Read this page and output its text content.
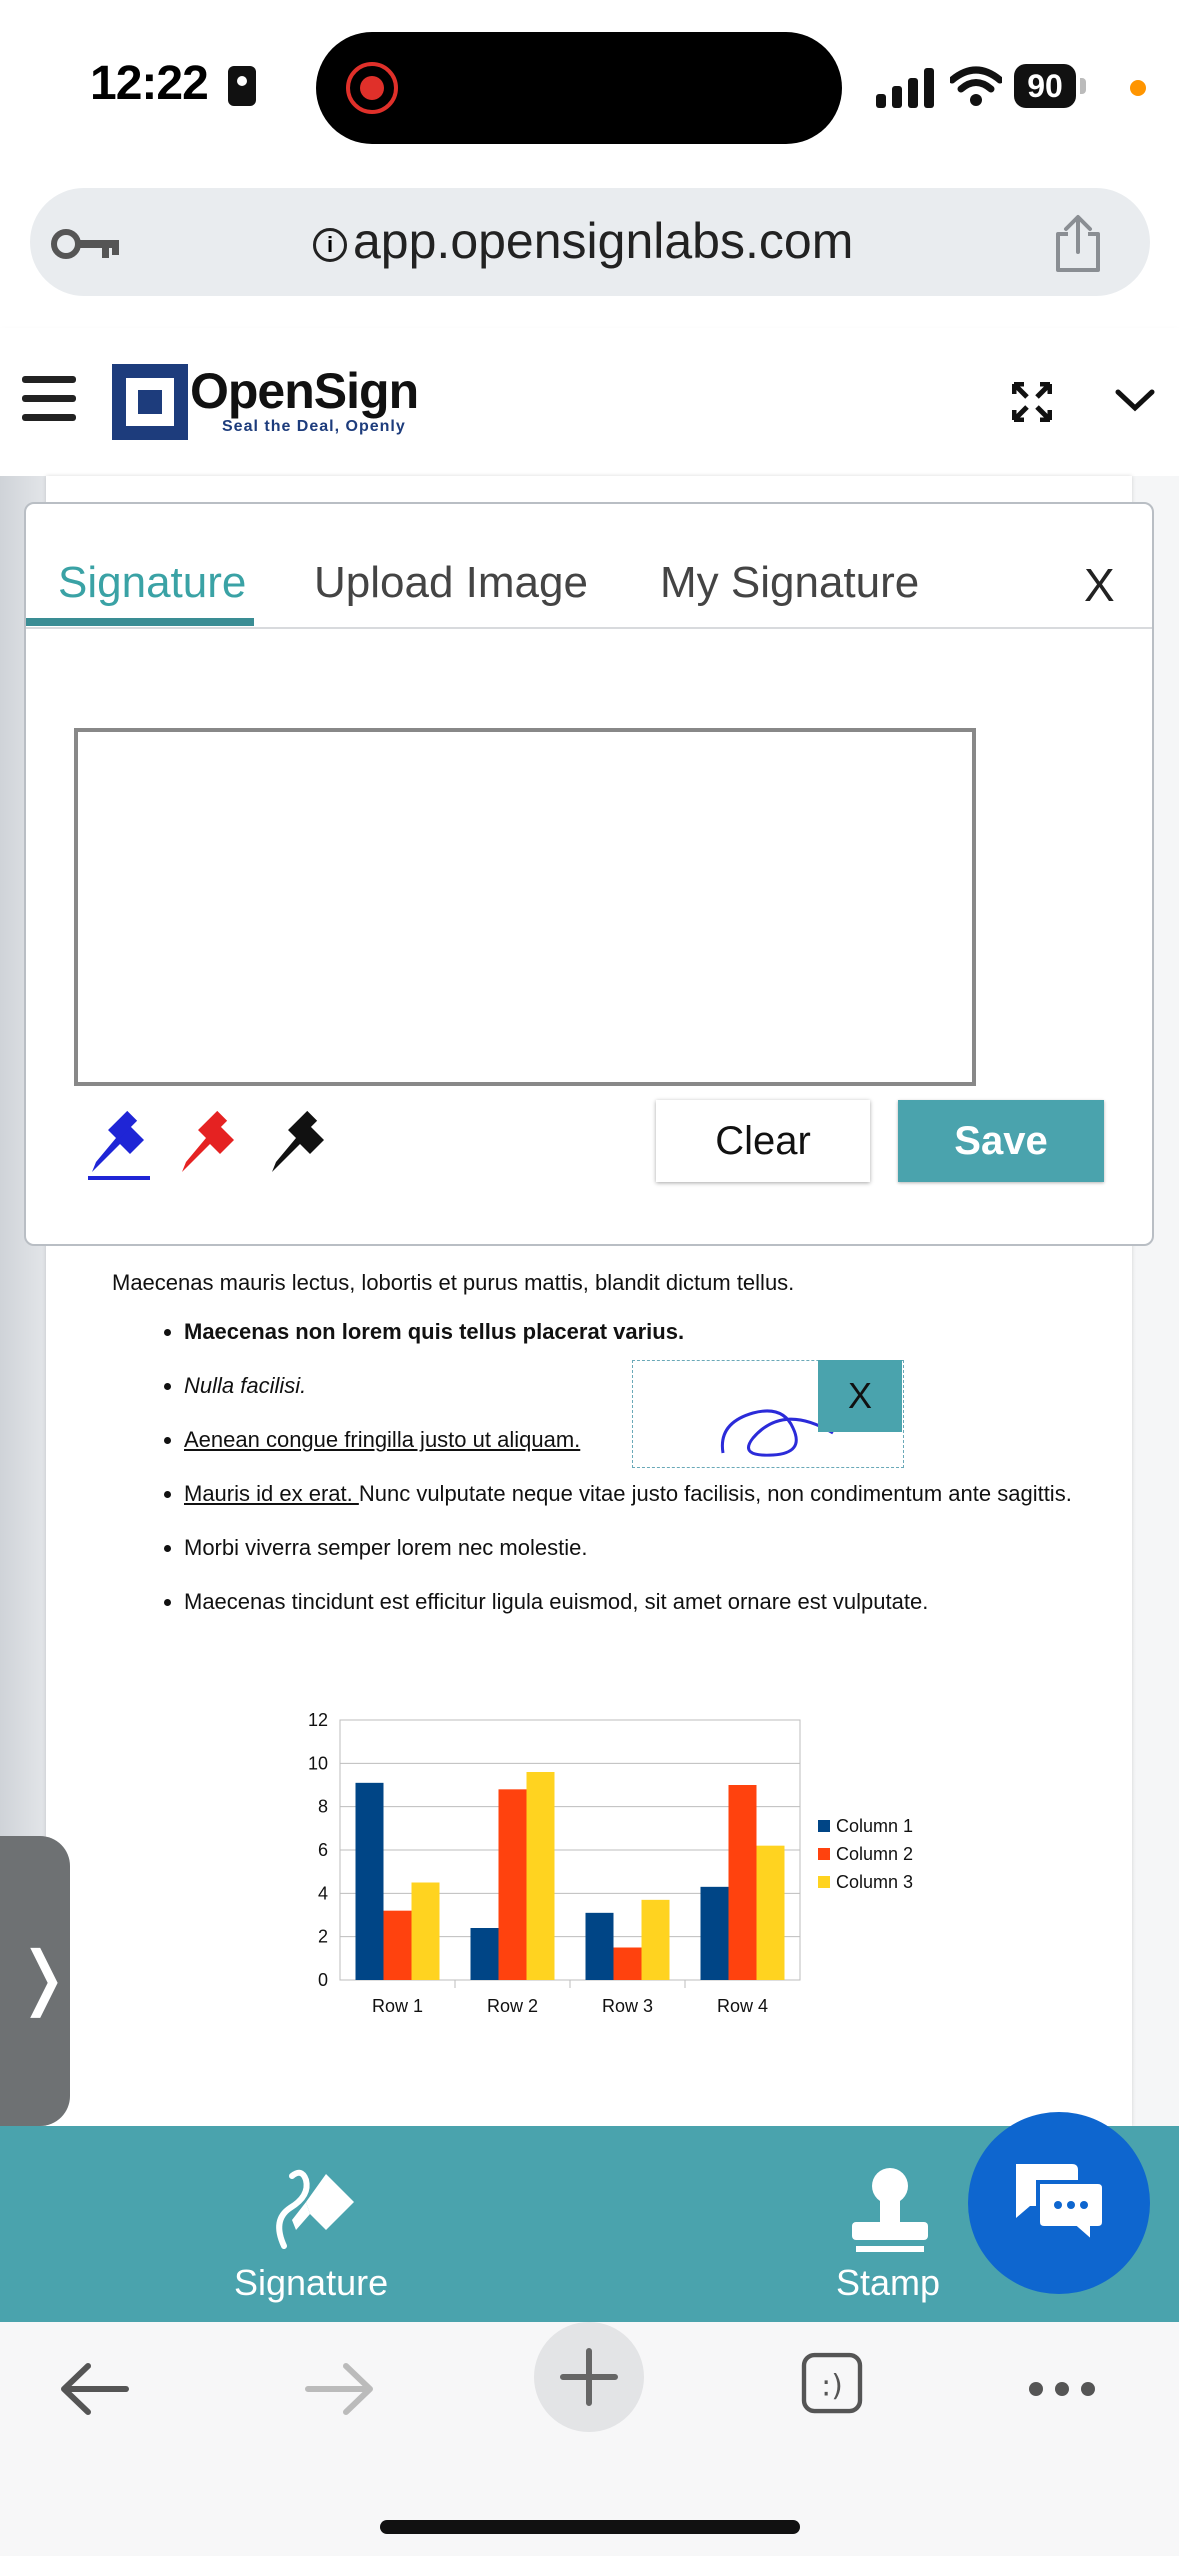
12:22	90
i app.opensignlabs.com
OpenSign
Seal the Deal, Openly
Maecenas mauris lectus, lobortis et purus mattis, blandit dictum tellus.
• Maecenas non lorem quis tellus placerat varius.
• Nulla facilisi.
• Aenean congue fringilla justo ut aliquam.
• Mauris id ex erat. Nunc vulputate neque vitae justo facilisis, non condimentum ante sagittis.
• Morbi viverra semper lorem nec molestie.
• Maecenas tincidunt est efficitur ligula euismod, sit amet ornare est vulputate.
X
0
2
4
6
8
10
12
Row 1	Row 2	Row 3	Row 4
Column 1
Column 2
Column 3
❭
Signature Upload Image My Signature	X
Clear	Save
Signature	Stamp
:)
